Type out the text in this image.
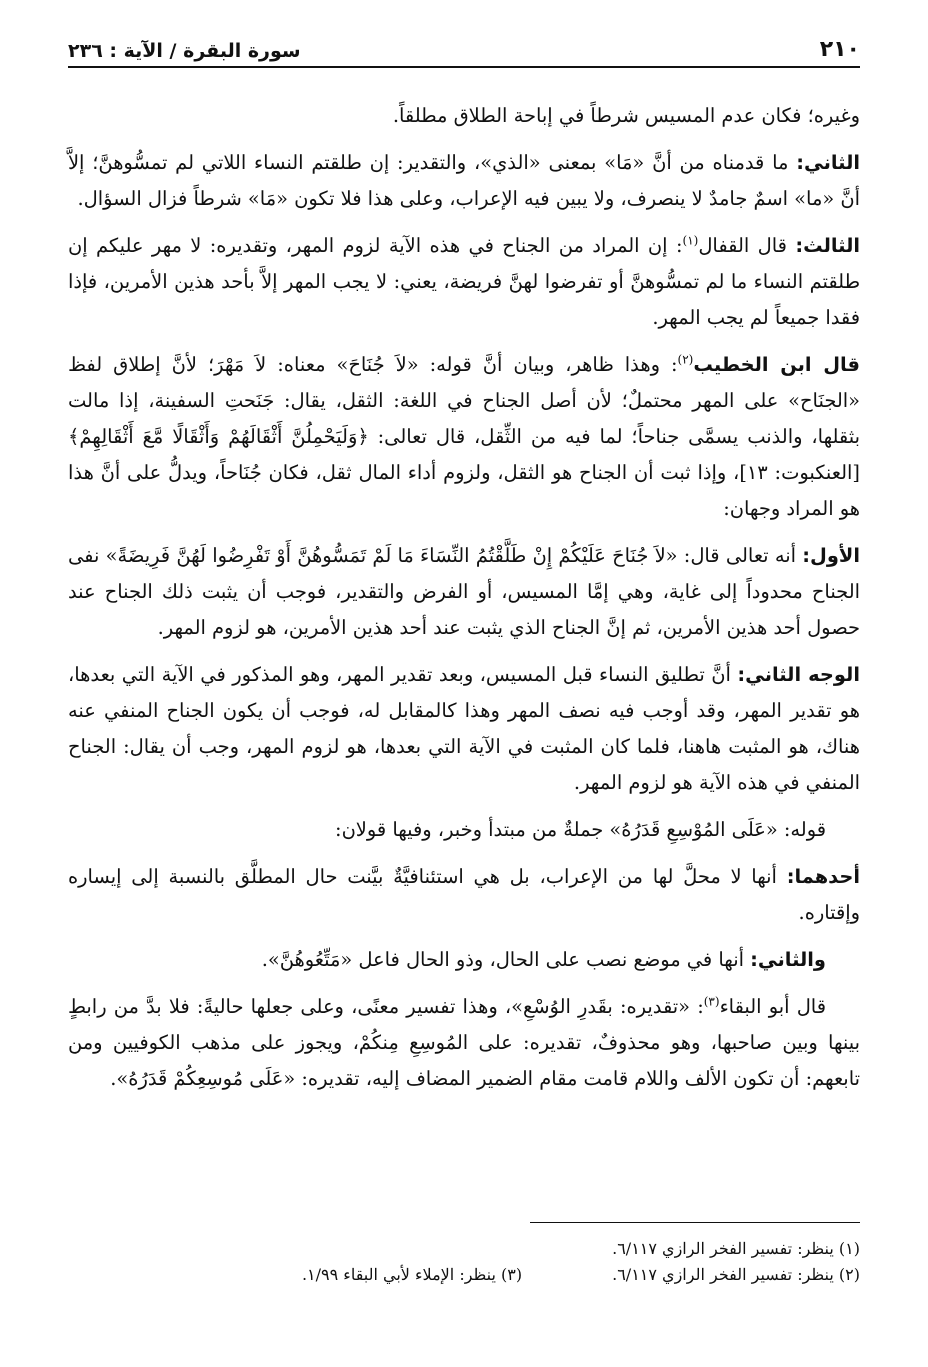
٢١٠
سورة البقرة / الآية : ٢٣٦

وغيره؛ فكان عدم المسيس شرطاً في إباحة الطلاق مطلقاً.

الثاني: ما قدمناه من أنَّ «مَا» بمعنى «الذي»، والتقدير: إن طلقتم النساء اللاتي لم تمسُّوهنَّ؛ إلاَّ أنَّ «ما» اسمٌ جامدٌ لا ينصرف، ولا يبين فيه الإعراب، وعلى هذا فلا تكون «مَا» شرطاً فزال السؤال.

الثالث: قال القفال$^{(١)}$: إن المراد من الجناح في هذه الآية لزوم المهر، وتقديره: لا مهر عليكم إن طلقتم النساء ما لم تمسُّوهنَّ أو تفرضوا لهنَّ فريضة، يعني: لا يجب المهر إلاَّ بأحد هذين الأمرين، فإذا فقدا جميعاً لم يجب المهر.

قال ابن الخطيب$^{(٢)}$: وهذا ظاهر، وبيان أنَّ قوله: «لاَ جُنَاحَ» معناه: لاَ مَهْرَ؛ لأنَّ إطلاق لفظ «الجنَاح» على المهر محتملٌ؛ لأن أصل الجناح في اللغة: الثقل، يقال: جَنَحتِ السفينة، إذا مالت بثقلها، والذنب يسمَّى جناحاً؛ لما فيه من الثِّقل، قال تعالى: ﴿وَلَيَحْمِلُنَّ أَثْقَالَهُمْ وَأَثْقَالًا مَّعَ أَثْقَالِهِمْ﴾ [العنكبوت: ١٣]، وإذا ثبت أن الجناح هو الثقل، ولزوم أداء المال ثقل، فكان جُنَاحاً، ويدلُّ على أنَّ هذا هو المراد وجهان:

الأول: أنه تعالى قال: «لاَ جُنَاحَ عَلَيْكُمْ إِنْ طَلَّقْتُمُ النِّسَاءَ مَا لَمْ تَمَسُّوهُنَّ أَوْ تَفْرِضُوا لَهُنَّ فَرِيضَةً» نفى الجناح محدوداً إلى غاية، وهي إمَّا المسيس، أو الفرض والتقدير، فوجب أن يثبت ذلك الجناح عند حصول أحد هذين الأمرين، ثم إنَّ الجناح الذي يثبت عند أحد هذين الأمرين، هو لزوم المهر.

الوجه الثاني: أنَّ تطليق النساء قبل المسيس، وبعد تقدير المهر، وهو المذكور في الآية التي بعدها، هو تقدير المهر، وقد أوجب فيه نصف المهر وهذا كالمقابل له، فوجب أن يكون الجناح المنفي عنه هناك، هو المثبت هاهنا، فلما كان المثبت في الآية التي بعدها، هو لزوم المهر، وجب أن يقال: الجناح المنفي في هذه الآية هو لزوم المهر.

قوله: «عَلَى المُوْسِعِ قَدَرُهُ» جملةٌ من مبتدأ وخبر، وفيها قولان:

أحدهما: أنها لا محلَّ لها من الإعراب، بل هي استئنافيَّةٌ بيَّنت حال المطلَّق بالنسبة إلى إيساره وإقتاره.

والثاني: أنها في موضع نصب على الحال، وذو الحال فاعل «مَتِّعُوهُنَّ».

قال أبو البقاء$^{(٣)}$: «تقديره: بقَدرِ الوُسْعِ»، وهذا تفسير معنًى، وعلى جعلها حاليةً: فلا بدَّ من رابطٍ بينها وبين صاحبها، وهو محذوفٌ، تقديره: على المُوسِعِ مِنكُمْ، ويجوز على مذهب الكوفيين ومن تابعهم: أن تكون الألف واللام قامت مقام الضمير المضاف إليه، تقديره: «عَلَى مُوسِعِكُمْ قَدَرُهُ».

(١) ينظر: تفسير الفخر الرازي ٦/١١٧.
(٢) ينظر: تفسير الفخر الرازي ٦/١١٧.
(٣) ينظر: الإملاء لأبي البقاء ١/٩٩.
